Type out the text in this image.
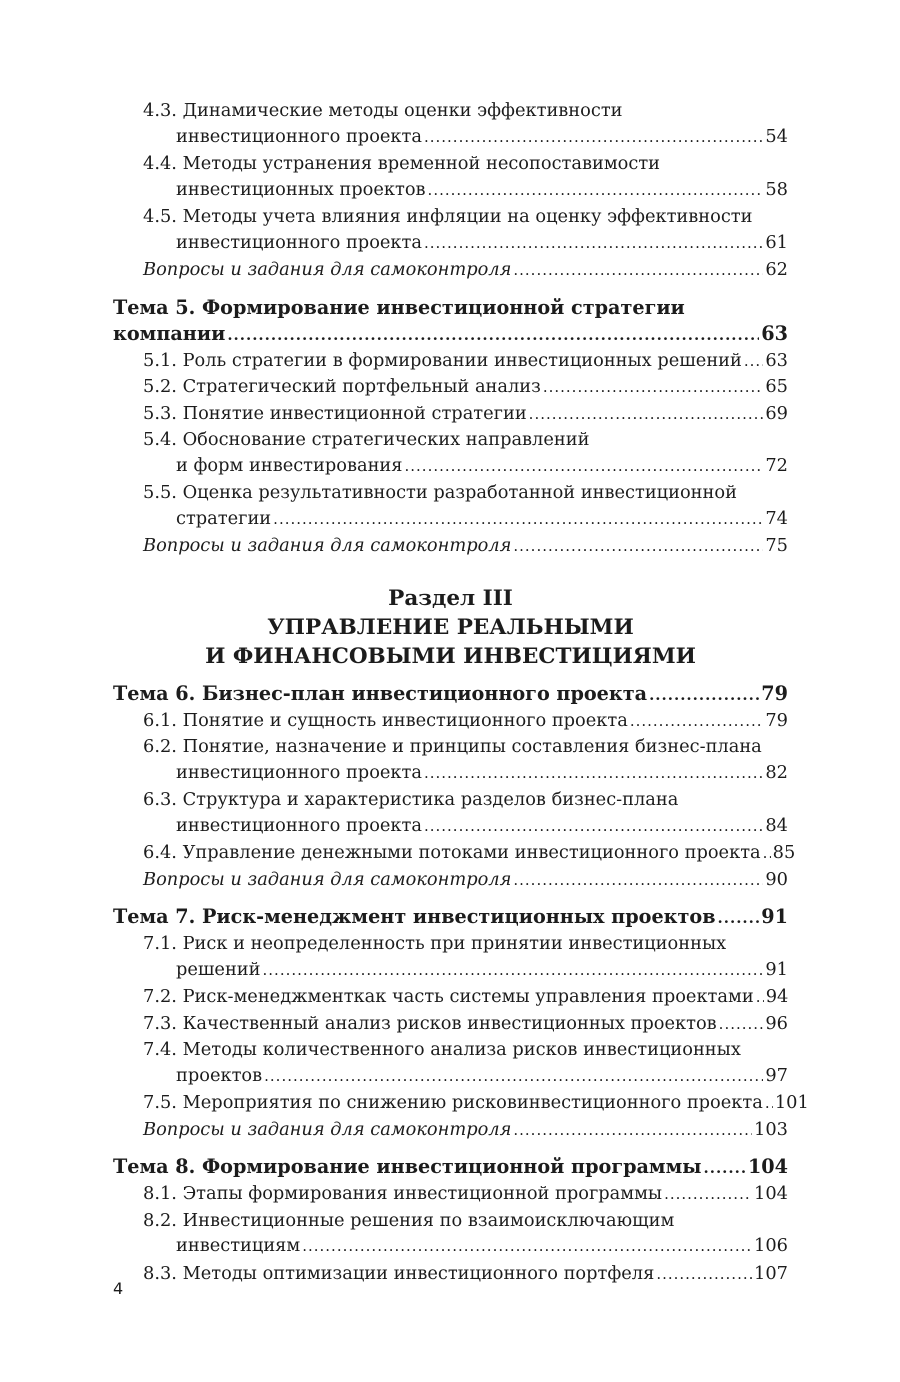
4.3. Динамические методы оценки эффективности
инвестиционного проекта .....	54
4.4. Методы устранения временной несопоставимости
инвестиционных проектов .....	58
4.5. Методы учета влияния инфляции на оценку эффективности
инвестиционного проекта .....	61
Вопросы и задания для самоконтроля .....	62
Тема 5. Формирование инвестиционной стратегии
компании .....	63
5.1. Роль стратегии в формировании инвестиционных решений ..... 63
5.2. Стратегический портфельный анализ .....	65
5.3. Понятие инвестиционной стратегии .....	69
5.4. Обоснование стратегических направлений
и форм инвестирования .....	72
5.5. Оценка результативности разработанной инвестиционной
стратегии .....	74
Вопросы и задания для самоконтроля .....	75
Раздел III
УПРАВЛЕНИЕ РЕАЛЬНЫМИ
И ФИНАНСОВЫМИ ИНВЕСТИЦИЯМИ
Тема 6. Бизнес-план инвестиционного проекта .....	79
6.1. Понятие и сущность инвестиционного проекта .....	79
6.2. Понятие, назначение и принципы составления бизнес-плана
инвестиционного проекта .....	82
6.3. Структура и характеристика разделов бизнес-плана
инвестиционного проекта .....	84
6.4. Управление денежными потоками инвестиционного проекта ..... 85
Вопросы и задания для самоконтроля .....	90
Тема 7. Риск-менеджмент инвестиционных проектов ..... 91
7.1. Риск и неопределенность при принятии инвестиционных
решений .....	91
7.2. Риск-менеджменткак часть системы управления проектами ..... 94
7.3. Качественный анализ рисков инвестиционных проектов .....	96
7.4. Методы количественного анализа рисков инвестиционных
проектов .....	97
7.5. Мероприятия по снижению рисковинвестиционного проекта ..... 101
Вопросы и задания для самоконтроля .....	103
Тема 8. Формирование инвестиционной программы ..... 104
8.1. Этапы формирования инвестиционной программы .....	104
8.2. Инвестиционные решения по взаимоисключающим
инвестициям .....	106
8.3. Методы оптимизации инвестиционного портфеля .....	107
4
